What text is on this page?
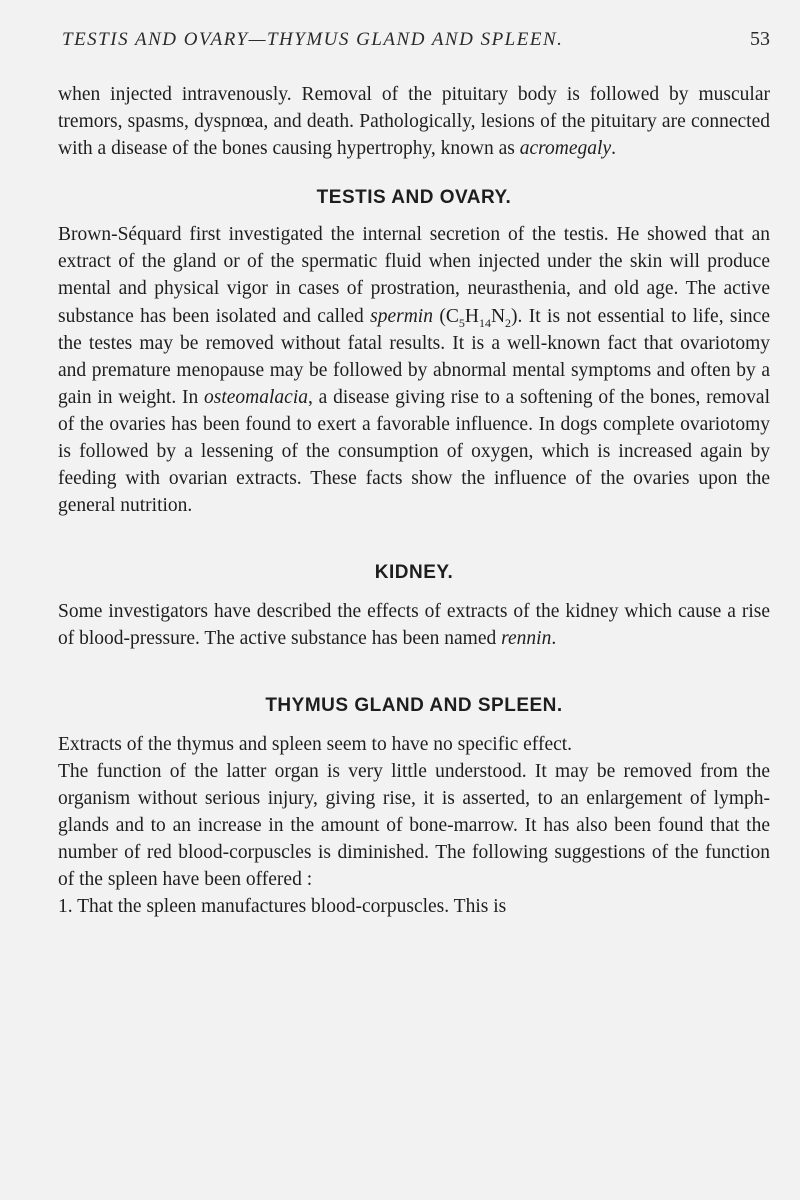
TESTIS AND OVARY—THYMUS GLAND AND SPLEEN.	53

when injected intravenously. Removal of the pituitary body is followed by muscular tremors, spasms, dyspnœa, and death. Pathologically, lesions of the pituitary are connected with a disease of the bones causing hypertrophy, known as acromegaly.

TESTIS AND OVARY.

Brown-Séquard first investigated the internal secretion of the testis. He showed that an extract of the gland or of the spermatic fluid when injected under the skin will produce mental and physical vigor in cases of prostration, neurasthenia, and old age. The active substance has been isolated and called spermin $(C_5H_{14}N_2)$. It is not essential to life, since the testes may be removed without fatal results. It is a well-known fact that ovariotomy and premature menopause may be followed by abnormal mental symptoms and often by a gain in weight. In osteomalacia, a disease giving rise to a softening of the bones, removal of the ovaries has been found to exert a favorable influence. In dogs complete ovariotomy is followed by a lessening of the consumption of oxygen, which is increased again by feeding with ovarian extracts. These facts show the influence of the ovaries upon the general nutrition.

KIDNEY.

Some investigators have described the effects of extracts of the kidney which cause a rise of blood-pressure. The active substance has been named rennin.

THYMUS GLAND AND SPLEEN.

Extracts of the thymus and spleen seem to have no specific effect.

The function of the latter organ is very little understood. It may be removed from the organism without serious injury, giving rise, it is asserted, to an enlargement of lymph-glands and to an increase in the amount of bone-marrow. It has also been found that the number of red blood-corpuscles is diminished. The following suggestions of the function of the spleen have been offered :

1. That the spleen manufactures blood-corpuscles. This is
